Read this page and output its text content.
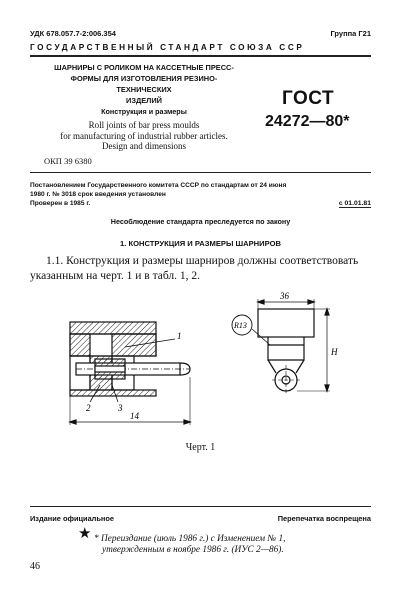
УДК 678.057.7-2:006.354	Группа Г21
ГОСУДАРСТВЕННЫЙ СТАНДАРТ СОЮЗА ССР
ШАРНИРЫ С РОЛИКОМ НА КАССЕТНЫЕ ПРЕСС-
ФОРМЫ ДЛЯ ИЗГОТОВЛЕНИЯ РЕЗИНО-
ТЕХНИЧЕСКИХ
ИЗДЕЛИЙ
Конструкция и размеры
Roll joints of bar press moulds
for manufacturing of industrial rubber articles.
Design and dimensions
ОКП 39 6380
ГОСТ
24272—80*
Постановлением Государственного комитета СССР по стандартам от 24 июня
1980 г. № 3018 срок введения установлен
Проверен в 1985 г.	с 01.01.81
Несоблюдение стандарта преследуется по закону
1. КОНСТРУКЦИЯ И РАЗМЕРЫ ШАРНИРОВ
1.1. Конструкция и размеры шарниров должны соответствовать
указанным на черт. 1 и в табл. 1, 2.
1
2	3
14
R13
36
H
Черт. 1
Издание официальное	Перепечатка воспрещена
★ * Переиздание (июль 1986 г.) с Изменением № 1,
утвержденным в ноябре 1986 г. (ИУС 2—86).
46
